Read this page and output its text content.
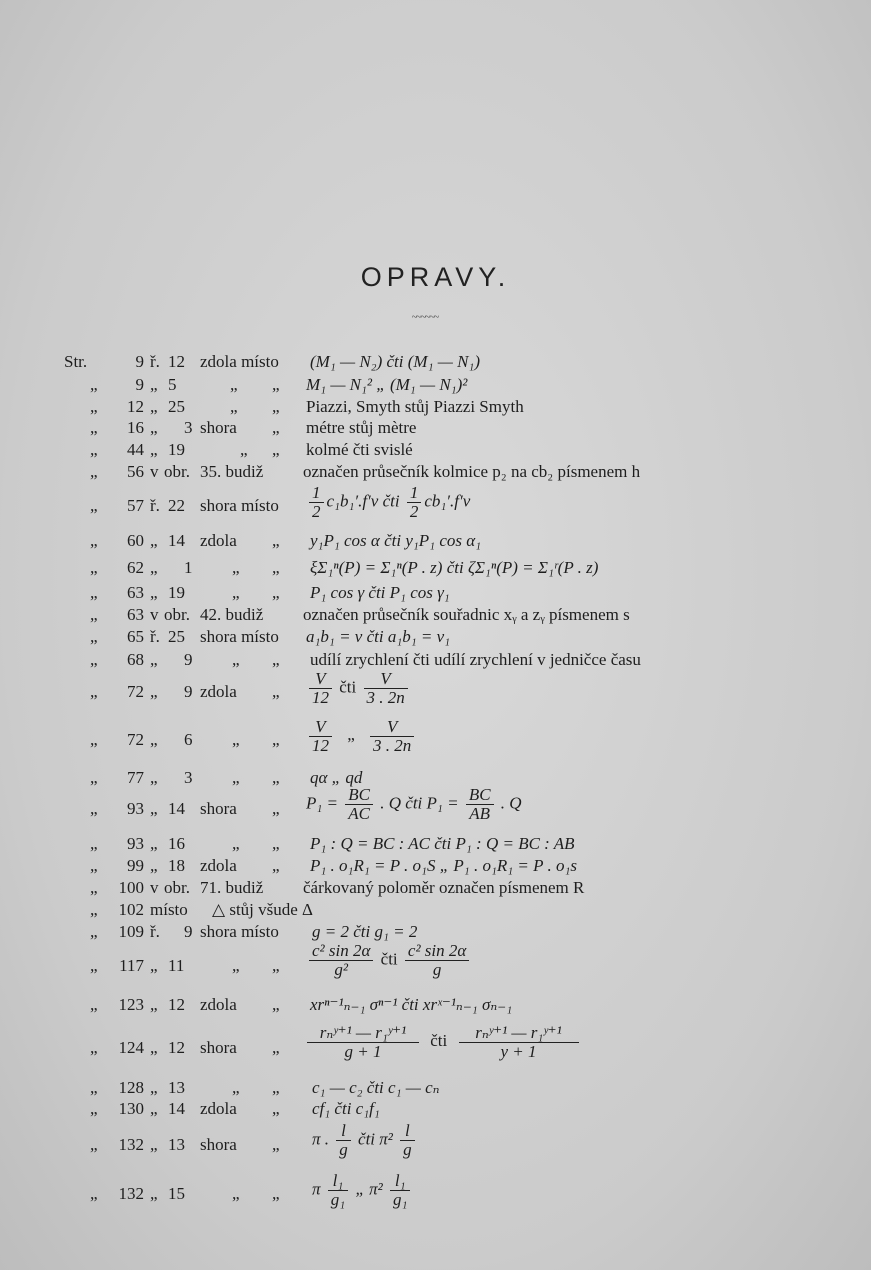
OPRAVY.
~~~~~~
Str.	9 ř. 12 zdola místo (M₁ — N₂) čti (M₁ — N₁)
„	9 „ 5	„ „ M₁ — N₁² „ (M₁ — N₁)²
„	12 „ 25	„ „ Piazzi, Smyth stůj Piazzi Smyth
„	16 „ 3 shora „ métre stůj mètre
„	44 „ 19	„ „ kolmé čti svislé
„	56 v obr. 35. budiž označen průsečník kolmice p₂ na cb₂ písmenem h
„	57 ř. 22 shora místo $\frac{1}{2} c_1b_1'.f'v$ čti $\frac{1}{2} cb_1'.f'v$
„	60 „ 14 zdola „ y₁P₁ cos α čti y₁P₁ cos α₁
„	62 „ 1 „ „ ξΣ₁ⁿ(P) = Σ₁ⁿ(P . z) čti ζΣ₁ⁿ(P) = Σ₁ʳ(P . z)
„	63 „ 19	„ „ P₁ cos γ čti P₁ cos γ₁
„	63 v obr. 42. budiž označen průsečník souřadnic xᵧ a zᵧ písmenem s
„	65 ř. 25 shora místo a₁b₁ = v čti a₁b₁ = v₁
„	68 „ 9 „ „ udílí zrychlení čti udílí zrychlení v jedničce času
„	72 „ 9 zdola „ $\frac{V}{12}$ čti $\frac{V}{3 . 2n}$
„	72 „ 6 „ „ $\frac{V}{12}$ „ $\frac{V}{3 . 2n}$
„	77 „ 3 „ „ qα „ qd
„	93 „ 14 shora „ $P_1 = \frac{BC}{AC}$ . Q čti $P_1 = \frac{BC}{AB}$ . Q
„	93 „ 16	„ „ P₁ : Q = BC : AC čti P₁ : Q = BC : AB
„	99 „ 18 zdola „ P₁ . o₁R₁ = P . o₁S „ P₁ . o₁R₁ = P . o₁s
„	100 v obr. 71. budiž čárkovaný poloměr označen písmenem R
„	102 místo △ stůj všude Δ
„	109 ř. 9 shora místo g = 2 čti g₁ = 2
„	117 „ 11	„ „ $\frac{\text{c² sin 2α}}{\text{g²}}$ čti $\frac{\text{c² sin 2α}}{g}$
„	123 „ 12 zdola „ xrⁿ⁻¹ₙ₋₁ σⁿ⁻¹ čti xrˣ⁻¹ₙ₋₁ σₙ₋₁
„	124 „ 12 shora „ $\frac{\text{rₙʸ⁺¹ — r₁ʸ⁺¹}}{g + 1}$ čti $\frac{\text{rₙʸ⁺¹ — r₁ʸ⁺¹}}{y + 1}$
„	128 „ 13	„ „ c₁ — c₂ čti c₁ — cₙ
„	130 „ 14 zdola „ cf₁ čti c₁f₁
„	132 „ 13 shora „ π . $\frac{l}{g}$ čti $\pi^2 \frac{l}{g}$
„	132 „ 15	„ „ π $\frac{\text{l₁}}{\text{g₁}}$ „ $\pi^2 \frac{\text{l₁}}{\text{g₁}}$
